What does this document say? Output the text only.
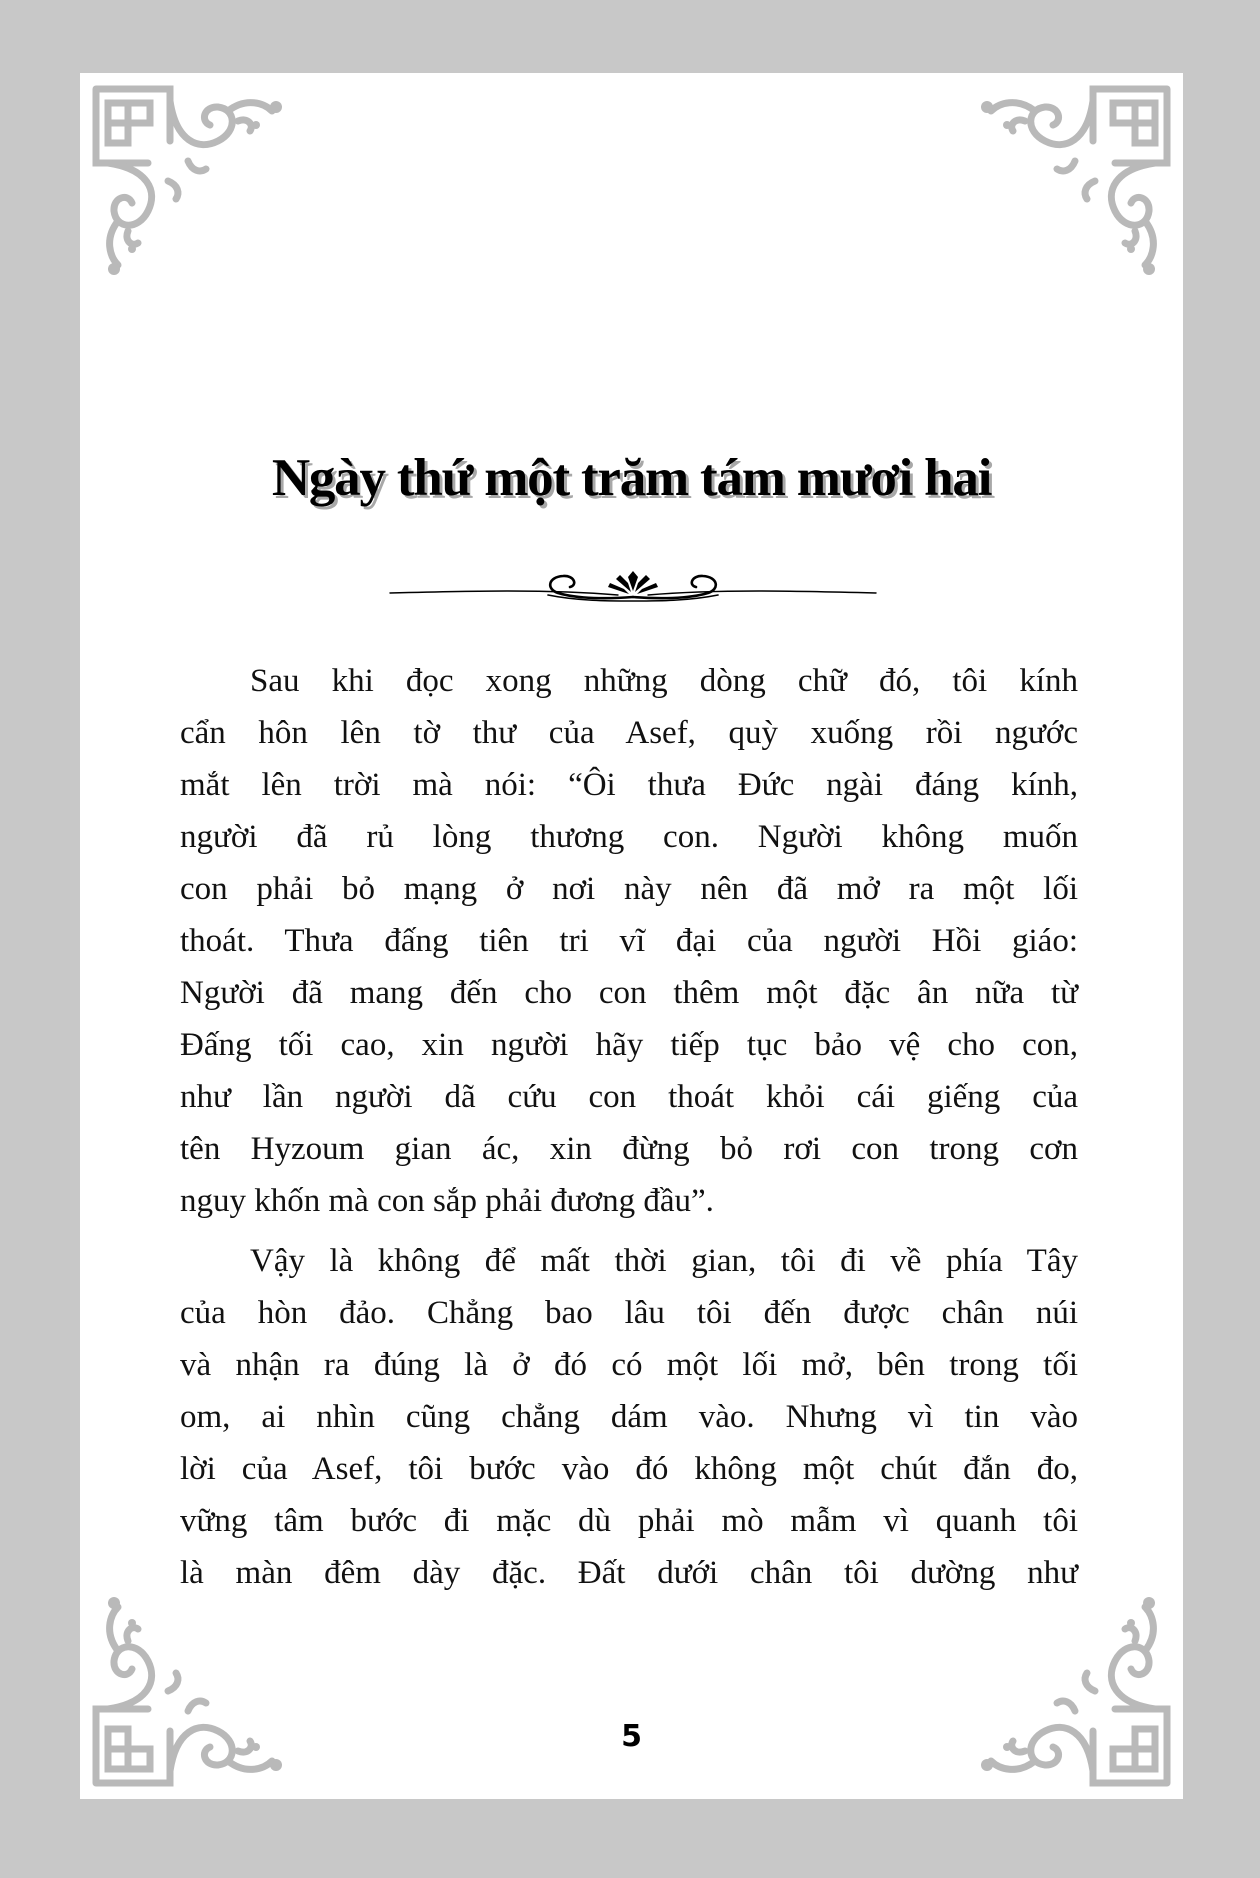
Ngày thứ một trăm tám mươi hai
Sau khi đọc xong những dòng chữ đó, tôi kính
cẩn hôn lên tờ thư của Asef, quỳ xuống rồi ngước
mắt lên trời mà nói: “Ôi thưa Đức ngài đáng kính,
người đã rủ lòng thương con. Người không muốn
con phải bỏ mạng ở nơi này nên đã mở ra một lối
thoát. Thưa đấng tiên tri vĩ đại của người Hồi giáo:
Người đã mang đến cho con thêm một đặc ân nữa từ
Đấng tối cao, xin người hãy tiếp tục bảo vệ cho con,
như lần người dã cứu con thoát khỏi cái giếng của
tên Hyzoum gian ác, xin đừng bỏ rơi con trong cơn
nguy khốn mà con sắp phải đương đầu”.
Vậy là không để mất thời gian, tôi đi về phía Tây
của hòn đảo. Chẳng bao lâu tôi đến được chân núi
và nhận ra đúng là ở đó có một lối mở, bên trong tối
om, ai nhìn cũng chẳng dám vào. Nhưng vì tin vào
lời của Asef, tôi bước vào đó không một chút đắn đo,
vững tâm bước đi mặc dù phải mò mẫm vì quanh tôi
là màn đêm dày đặc. Đất dưới chân tôi dường như
5
